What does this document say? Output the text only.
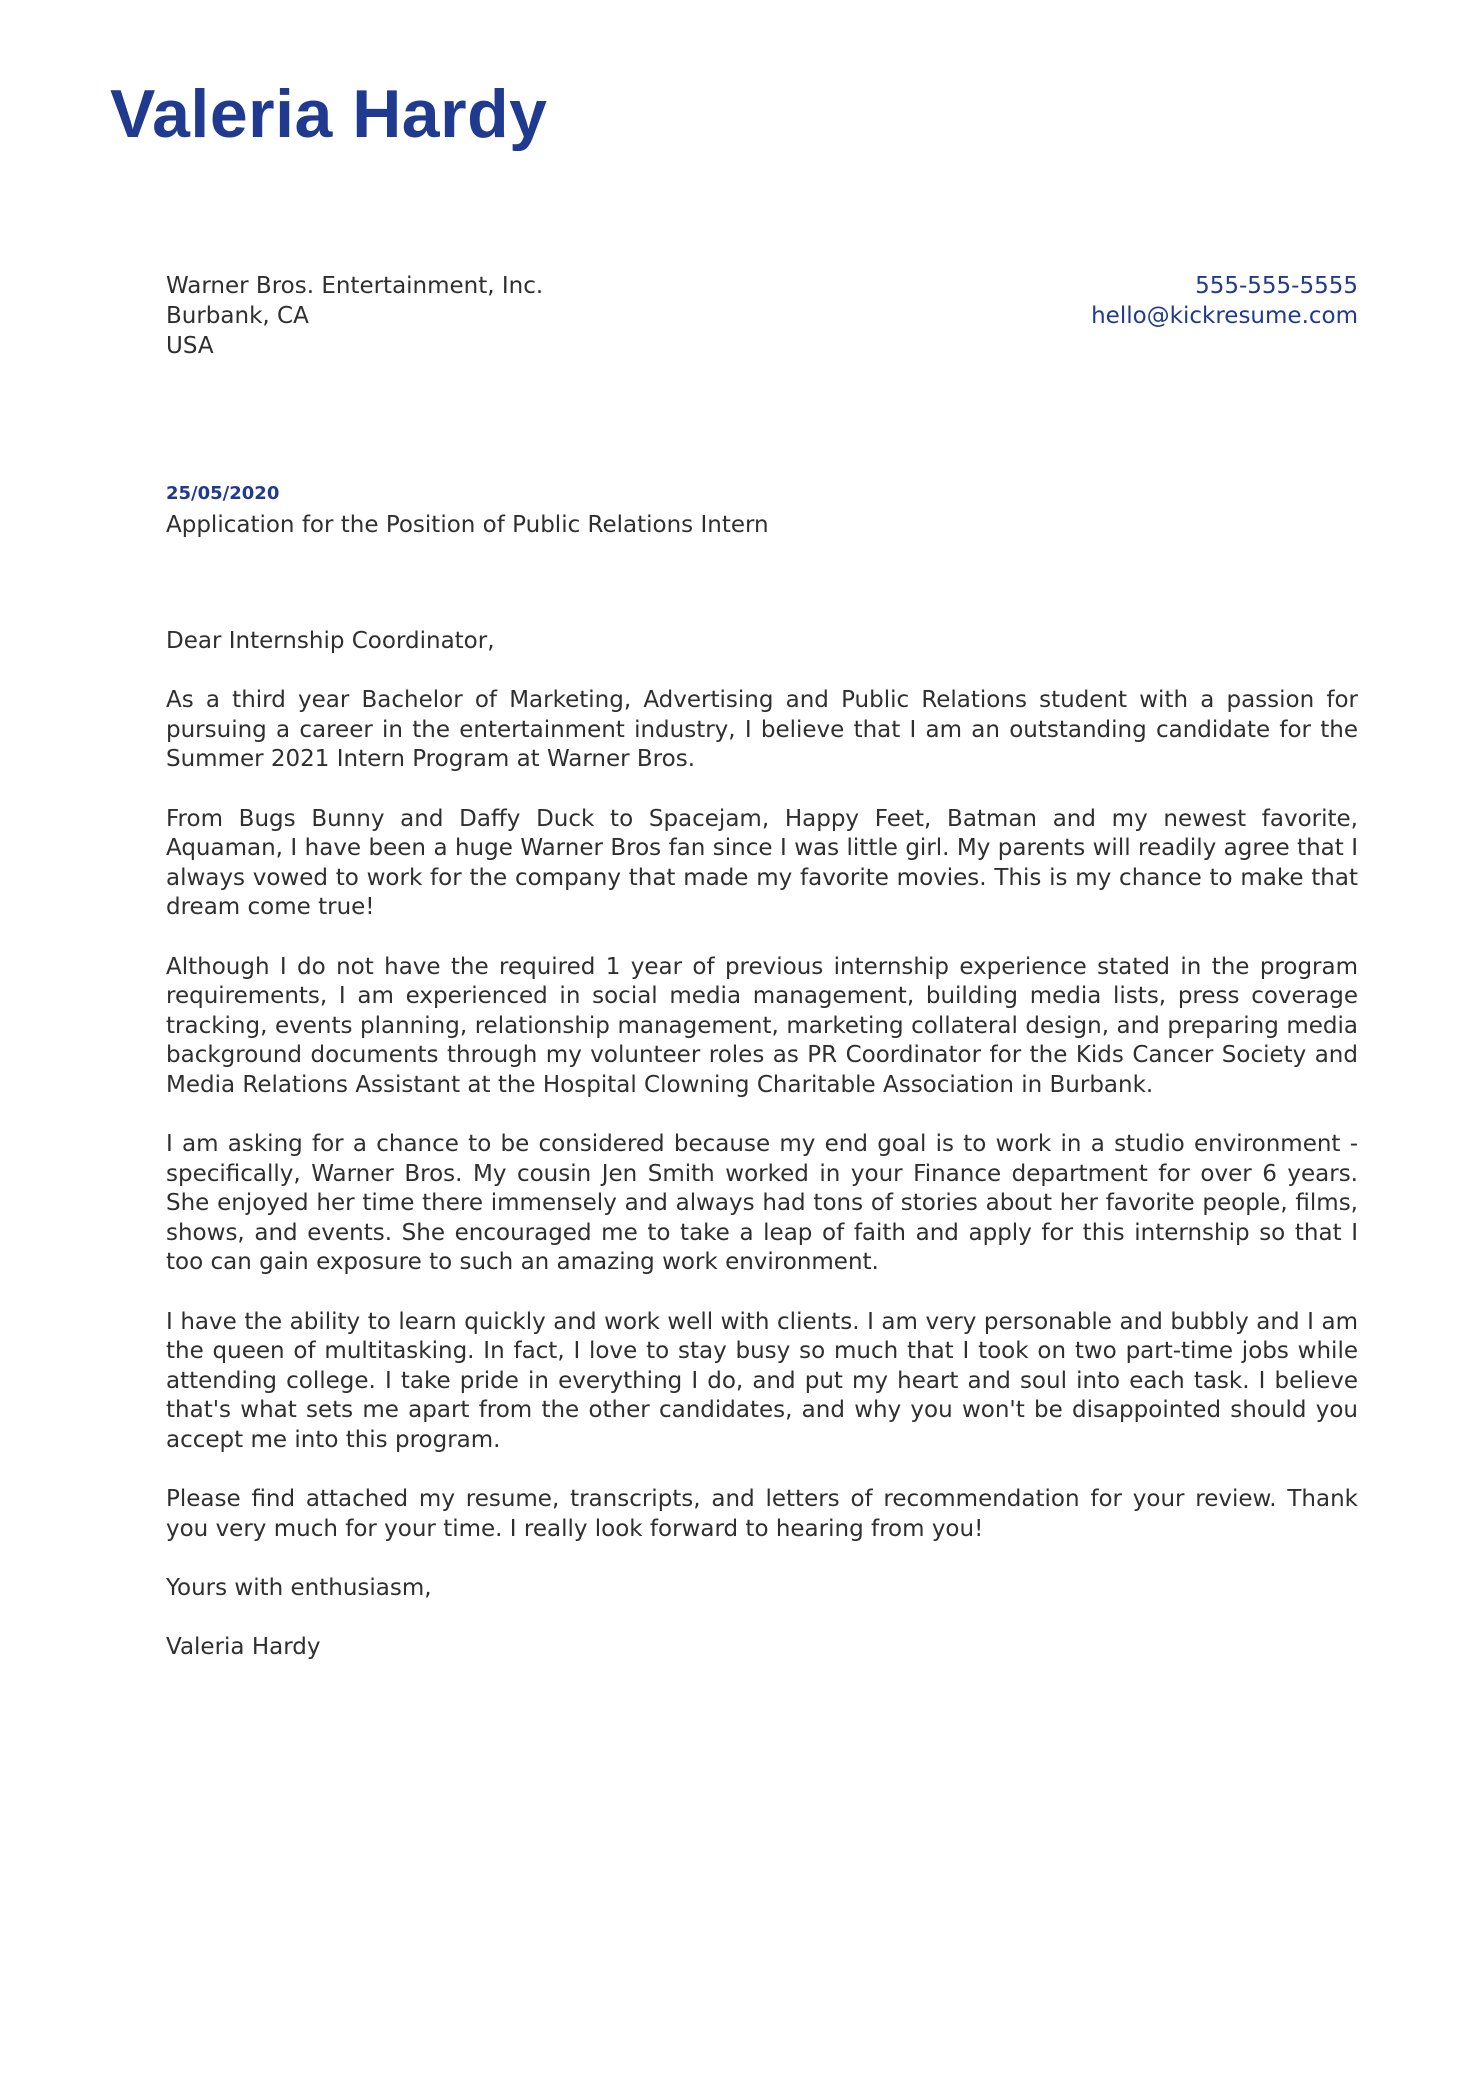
Valeria Hardy
Warner Bros. Entertainment, Inc.
Burbank, CA
USA
555-555-5555
hello@kickresume.com
25/05/2020
Application for the Position of Public Relations Intern

Dear Internship Coordinator,

As a third year Bachelor of Marketing, Advertising and Public Relations student with a passion for pursuing a career in the entertainment industry, I believe that I am an outstanding candidate for the Summer 2021 Intern Program at Warner Bros.

From Bugs Bunny and Daffy Duck to Spacejam, Happy Feet, Batman and my newest favorite, Aquaman, I have been a huge Warner Bros fan since I was little girl. My parents will readily agree that I always vowed to work for the company that made my favorite movies. This is my chance to make that dream come true!

Although I do not have the required 1 year of previous internship experience stated in the program requirements, I am experienced in social media management, building media lists, press coverage tracking, events planning, relationship management, marketing collateral design, and preparing media background documents through my volunteer roles as PR Coordinator for the Kids Cancer Society and Media Relations Assistant at the Hospital Clowning Charitable Association in Burbank.

I am asking for a chance to be considered because my end goal is to work in a studio environment - specifically, Warner Bros. My cousin Jen Smith worked in your Finance department for over 6 years. She enjoyed her time there immensely and always had tons of stories about her favorite people, films, shows, and events. She encouraged me to take a leap of faith and apply for this internship so that I too can gain exposure to such an amazing work environment.

I have the ability to learn quickly and work well with clients. I am very personable and bubbly and I am the queen of multitasking. In fact, I love to stay busy so much that I took on two part-time jobs while attending college. I take pride in everything I do, and put my heart and soul into each task. I believe that's what sets me apart from the other candidates, and why you won't be disappointed should you accept me into this program.

Please find attached my resume, transcripts, and letters of recommendation for your review. Thank you very much for your time. I really look forward to hearing from you!

Yours with enthusiasm,

Valeria Hardy
